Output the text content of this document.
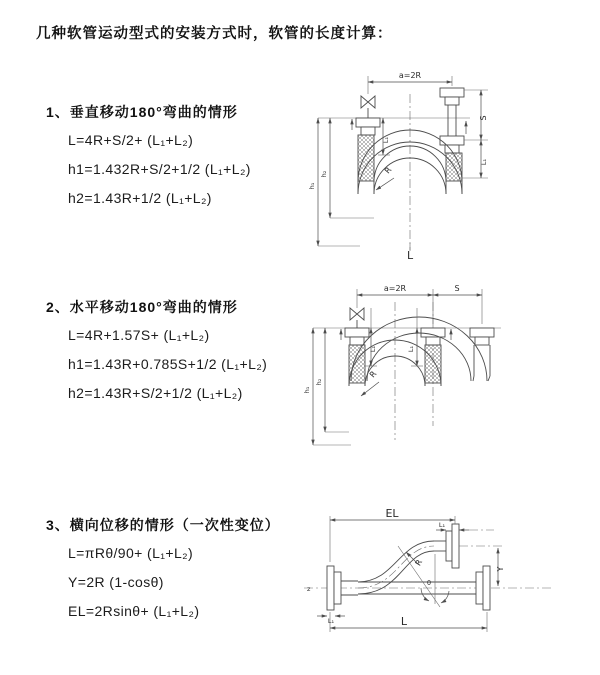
几种软管运动型式的安装方式时，软管的长度计算：
1、垂直移动180°弯曲的情形
L=4R+S/2+ (L₁+L₂)
h1=1.432R+S/2+1/2 (L₁+L₂)
h2=1.43R+1/2 (L₁+L₂)
2、水平移动180°弯曲的情形
L=4R+1.57S+ (L₁+L₂)
h1=1.43R+0.785S+1/2 (L₁+L₂)
h2=1.43R+S/2+1/2 (L₁+L₂)
3、横向位移的情形（一次性变位）
L=πRθ/90+ (L₁+L₂)
Y=2R (1-cosθ)
EL=2Rsinθ+ (L₁+L₂)
a=2R
L₁
S
L₁
h₁
h₂	R
L
a=2R	S
h₁
h₂
L₁	L₁
R
z
EL
L₁
Y
R
θ
L
L₁
